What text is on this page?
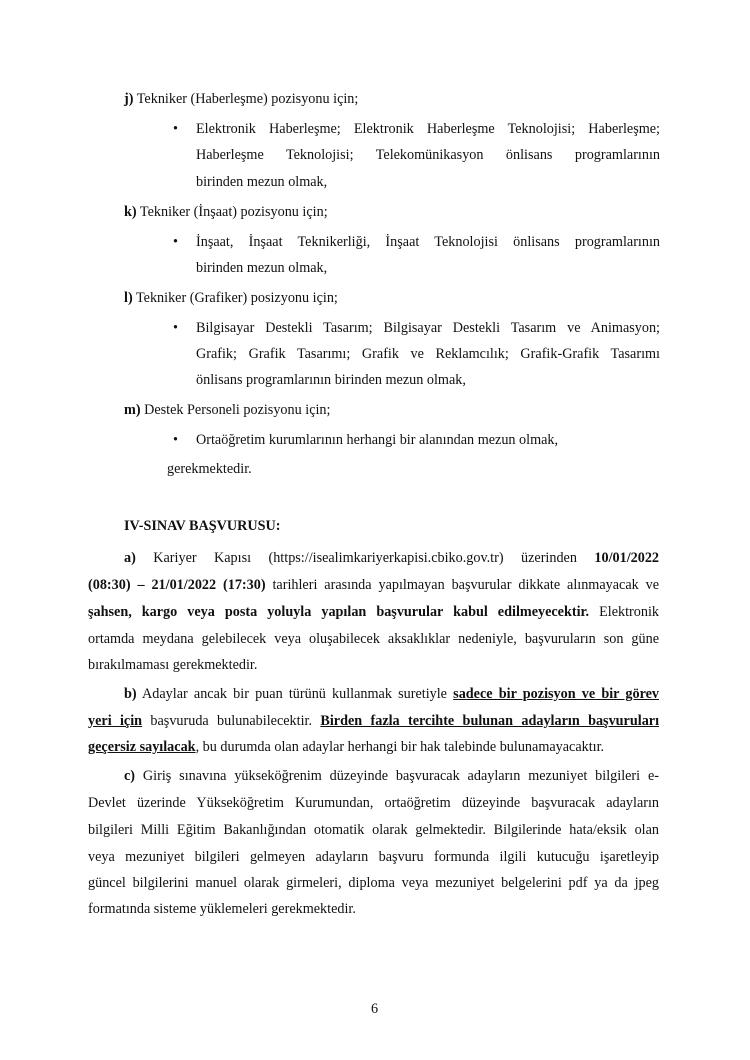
j) Tekniker (Haberleşme) pozisyonu için;
• Elektronik Haberleşme; Elektronik Haberleşme Teknolojisi; Haberleşme;
Haberleşme Teknolojisi; Telekomünikasyon önlisans programlarının
birinden mezun olmak,
k) Tekniker (İnşaat) pozisyonu için;
• İnşaat, İnşaat Teknikerliği, İnşaat Teknolojisi önlisans programlarının
birinden mezun olmak,
l) Tekniker (Grafiker) posizyonu için;
• Bilgisayar Destekli Tasarım; Bilgisayar Destekli Tasarım ve Animasyon;
Grafik; Grafik Tasarımı; Grafik ve Reklamcılık; Grafik-Grafik Tasarımı
önlisans programlarının birinden mezun olmak,
m) Destek Personeli pozisyonu için;
• Ortaöğretim kurumlarının herhangi bir alanından mezun olmak,
gerekmektedir.
IV-SINAV BAŞVURUSU:
a) Kariyer Kapısı (https://isealimkariyerkapisi.cbiko.gov.tr) üzerinden 10/01/2022
(08:30) – 21/01/2022 (17:30) tarihleri arasında yapılmayan başvurular dikkate alınmayacak ve
şahsen, kargo veya posta yoluyla yapılan başvurular kabul edilmeyecektir. Elektronik
ortamda meydana gelebilecek veya oluşabilecek aksaklıklar nedeniyle, başvuruların son güne
bırakılmaması gerekmektedir.
b) Adaylar ancak bir puan türünü kullanmak suretiyle sadece bir pozisyon ve bir görev
yeri için başvuruda bulunabilecektir. Birden fazla tercihte bulunan adayların başvuruları
geçersiz sayılacak, bu durumda olan adaylar herhangi bir hak talebinde bulunamayacaktır.
c) Giriş sınavına yükseköğrenim düzeyinde başvuracak adayların mezuniyet bilgileri e-
Devlet üzerinde Yükseköğretim Kurumundan, ortaöğretim düzeyinde başvuracak adayların
bilgileri Milli Eğitim Bakanlığından otomatik olarak gelmektedir. Bilgilerinde hata/eksik olan
veya mezuniyet bilgileri gelmeyen adayların başvuru formunda ilgili kutucuğu işaretleyip
güncel bilgilerini manuel olarak girmeleri, diploma veya mezuniyet belgelerini pdf ya da jpeg
formatında sisteme yüklemeleri gerekmektedir.
6
